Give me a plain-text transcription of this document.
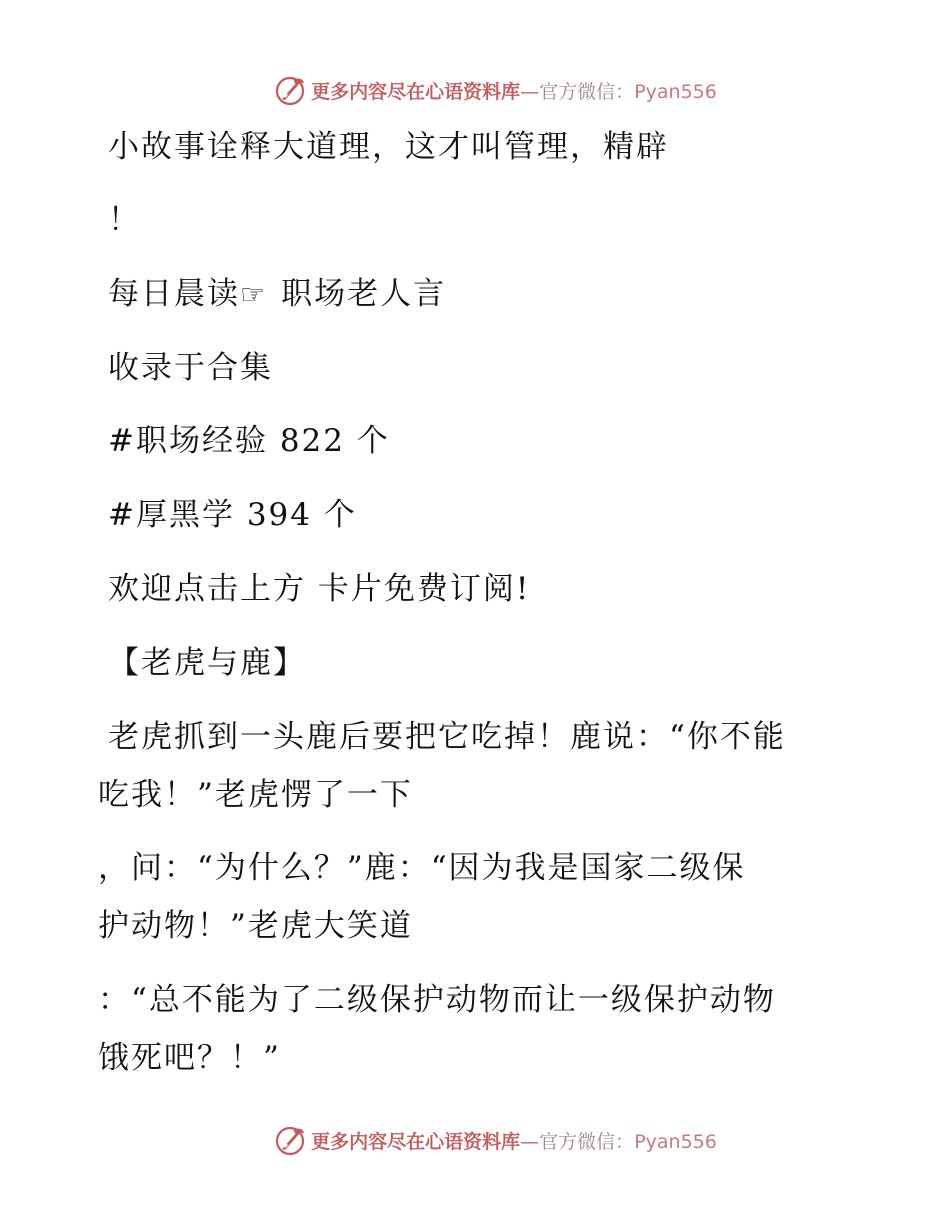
更多内容尽在心语资料库—官方微信：Pyan556
小故事诠释大道理，这才叫管理，精辟
！
每日晨读☞ 职场老人言
收录于合集
#职场经验 822 个
#厚黑学 394 个
欢迎点击上方 卡片免费订阅!
【老虎与鹿】
老虎抓到一头鹿后要把它吃掉！鹿说：“你不能
吃我！”老虎愣了一下
，问：“为什么？”鹿：“因为我是国家二级保
护动物！”老虎大笑道
：“总不能为了二级保护动物而让一级保护动物
饿死吧？！”
更多内容尽在心语资料库—官方微信：Pyan556
